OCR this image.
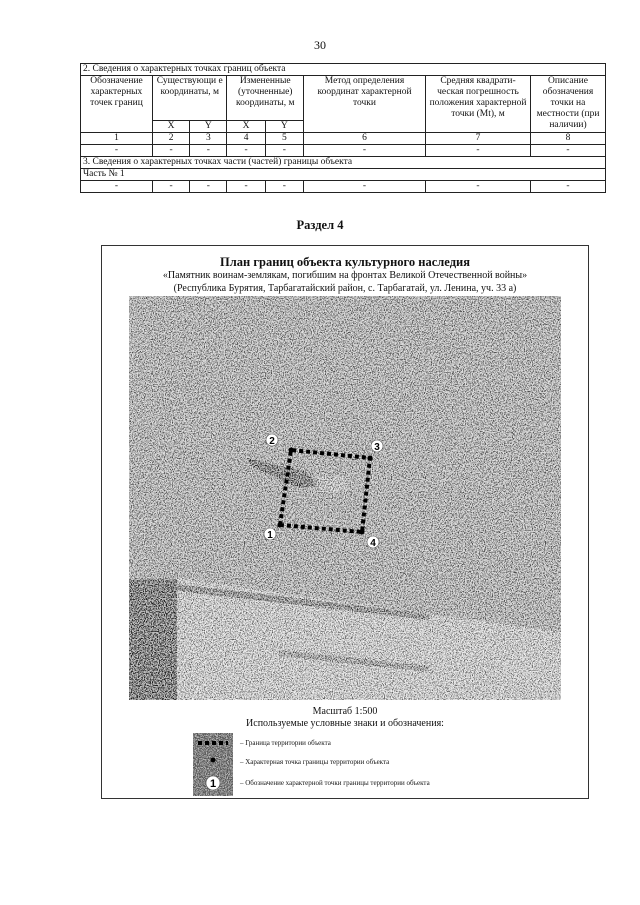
30
2. Сведения о характерных точках границ объекта							
Обозначение характерных точек границ	Существующи е координаты, м		Измененные (уточненные) координаты, м		Метод определения координат характерной точки	Средняя квадрати-ческая погрешность положения характерной точки (Mt), м	Описание обозначения точки на местности (при наличии)
	X	Y	X	Y			
1	2	3	4	5	6	7	8
-	-	-	-	-	-	-	-
3. Сведения о характерных точках части (частей) границы объекта							
Часть № 1							
-	-	-	-	-	-	-	-
Раздел 4
План границ объекта культурного наследия
«Памятник воинам-землякам, погибшим на фронтах Великой Отечественной войны»
(Республика Бурятия, Тарбагатайский район, с. Тарбагатай, ул. Ленина, уч. 33 а)
1
2
3
4
Масштаб 1:500
Используемые условные знаки и обозначения:
1
– Граница территории объекта
– Характерная точка границы территории объекта
– Обозначение характерной точки границы территории объекта
